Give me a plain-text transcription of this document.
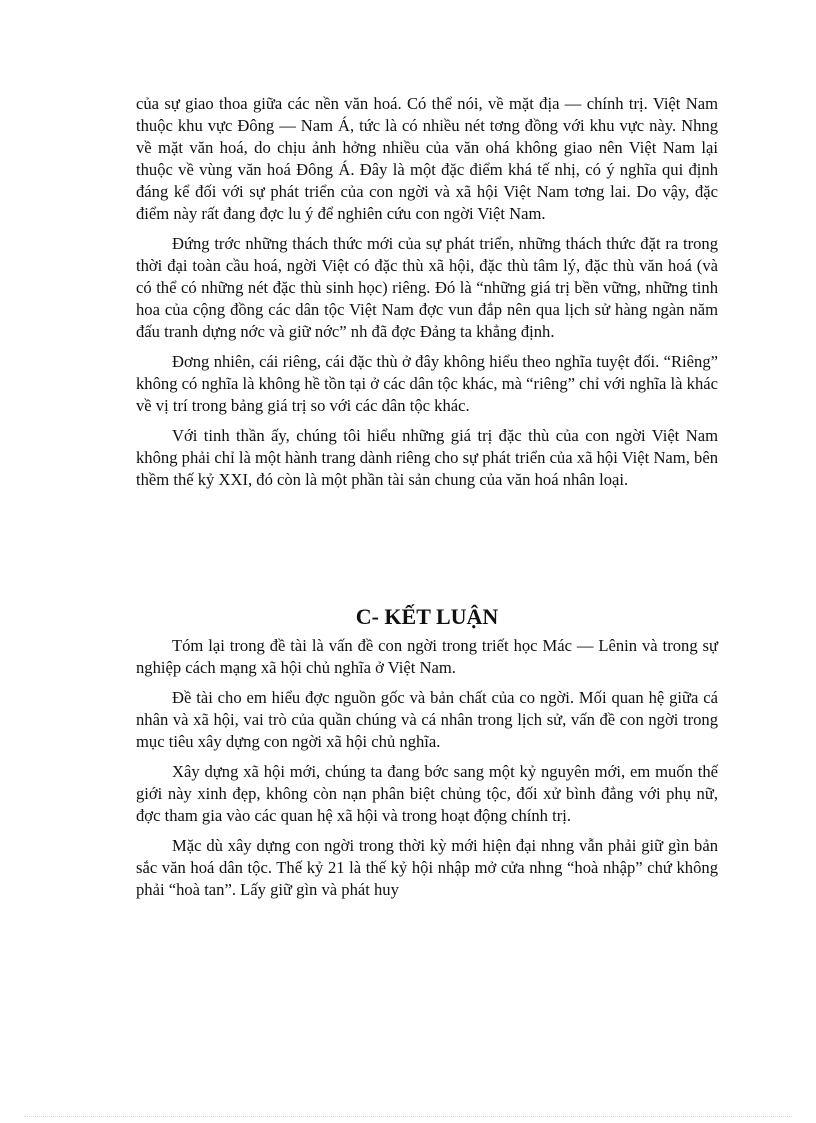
của sự giao thoa giữa các nền văn hoá. Có thể nói, về mặt địa — chính trị. Việt Nam thuộc khu vực Đông — Nam Á, tức là có nhiều nét tơng đồng với khu vực này. Nhng về mặt văn hoá, do chịu ảnh hởng nhiều của văn ohá không giao nên Việt Nam lại thuộc về vùng văn hoá Đông Á. Đây là một đặc điểm khá tế nhị, có ý nghĩa qui định đáng kể đối với sự phát triển của con ngời và xã hội Việt Nam tơng lai. Do vậy, đặc điểm này rất đang đợc lu ý để nghiên cứu con ngời Việt Nam.

Đứng trớc những thách thức mới của sự phát triển, những thách thức đặt ra trong thời đại toàn cầu hoá, ngời Việt có đặc thù xã hội, đặc thù tâm lý, đặc thù văn hoá (và có thể có những nét đặc thù sinh học) riêng. Đó là “những giá trị bền vững, những tinh hoa của cộng đồng các dân tộc Việt Nam đợc vun đắp nên qua lịch sử hàng ngàn năm đấu tranh dựng nớc và giữ nớc” nh đã đợc Đảng ta khẳng định.

Đơng nhiên, cái riêng, cái đặc thù ở đây không hiểu theo nghĩa tuyệt đối. “Riêng” không có nghĩa là không hề tồn tại ở các dân tộc khác, mà “riêng” chỉ với nghĩa là khác về vị trí trong bảng giá trị so với các dân tộc khác.

Với tinh thần ấy, chúng tôi hiểu những giá trị đặc thù của con ngời Việt Nam không phải chỉ là một hành trang dành riêng cho sự phát triển của xã hội Việt Nam, bên thềm thế kỷ XXI, đó còn là một phần tài sản chung của văn hoá nhân loại.

C- KẾT LUẬN

Tóm lại trong đề tài là vấn đề con ngời trong triết học Mác — Lênin và trong sự nghiệp cách mạng xã hội chủ nghĩa ở Việt Nam.

Đề tài cho em hiểu đợc nguồn gốc và bản chất của co ngời. Mối quan hệ giữa cá nhân và xã hội, vai trò của quần chúng và cá nhân trong lịch sử, vấn đề con ngời trong mục tiêu xây dựng con ngời xã hội chủ nghĩa.

Xây dựng xã hội mới, chúng ta đang bớc sang một kỷ nguyên mới, em muốn thế giới này xinh đẹp, không còn nạn phân biệt chủng tộc, đối xử bình đẳng với phụ nữ, đợc tham gia vào các quan hệ xã hội và trong hoạt động chính trị.

Mặc dù xây dựng con ngời trong thời kỳ mới hiện đại nhng vẫn phải giữ gìn bản sắc văn hoá dân tộc. Thế kỷ 21 là thế kỷ hội nhập mở cửa nhng “hoà nhập” chứ không phải “hoà tan”. Lấy giữ gìn và phát huy
